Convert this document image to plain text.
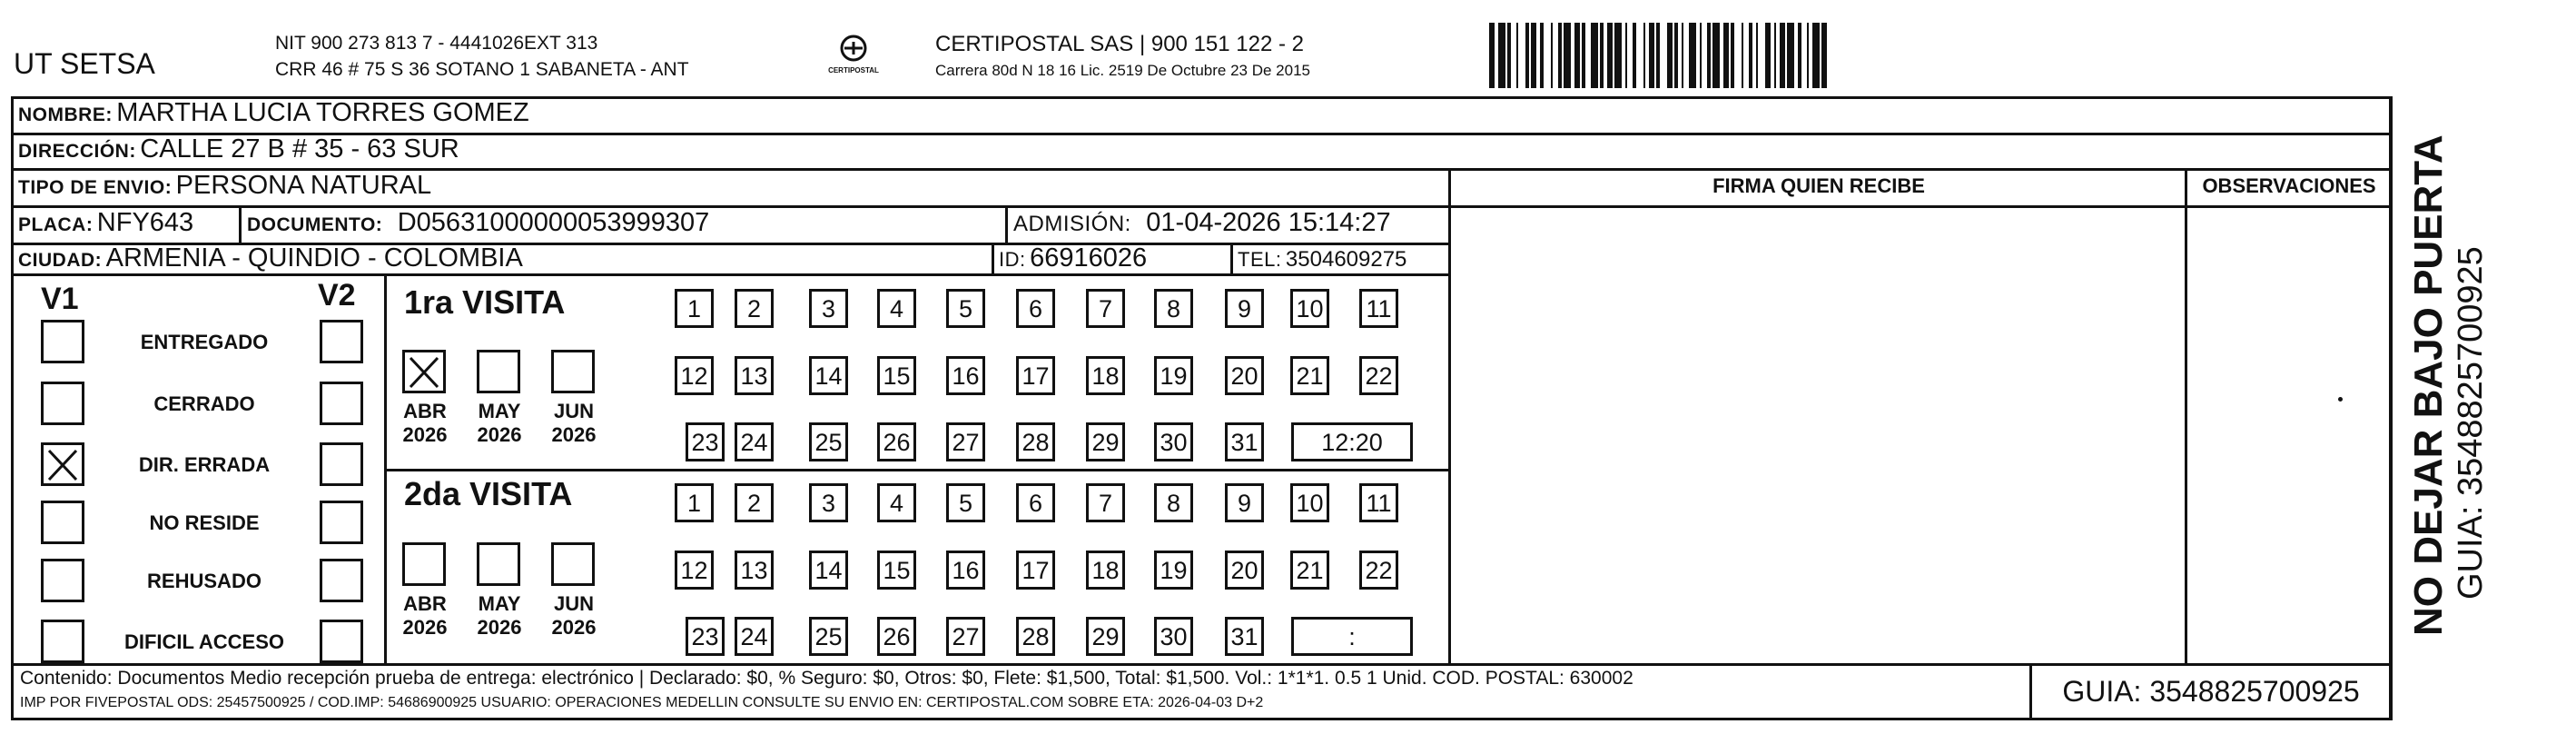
UT SETSA
NIT 900 273 813 7 - 4441026EXT 313
CRR 46 # 75 S 36 SOTANO 1 SABANETA - ANT	CERTIPOSTAL
CERTIPOSTAL SAS | 900 151 122 - 2
Carrera 80d N 18 16 Lic. 2519 De Octubre 23 De 2015
NOMBRE: MARTHA LUCIA TORRES GOMEZ
DIRECCIÓN: CALLE 27 B # 35 - 63 SUR
TIPO DE ENVIO: PERSONA NATURAL	FIRMA QUIEN RECIBE	OBSERVACIONES
PLACA: NFY643	DOCUMENTO: D05631000000053999307	ADMISIÓN: 01-04-2026 15:14:27
CIUDAD: ARMENIA - QUINDIO - COLOMBIA	ID: 66916026	TEL: 3504609275
V1	V2
ENTREGADO
CERRADO
DIR. ERRADA
NO RESIDE
REHUSADO
DIFICIL ACCESO
1ra VISITA
ABR
2026
MAY
2026
JUN
2026
1	2	3	4	5	6	7	8	9	10 11
12 13 14 15 16 17 18 19 20 21 22
23 24 25 26 27 28 29 30 31	12:20
2da VISITA
ABR
2026
MAY
2026
JUN
2026
1	2	3	4	5	6	7	8	9	10 11
12 13 14 15 16 17 18 19 20 21 22
23 24 25 26 27 28 29 30 31	:
Contenido: Documentos Medio recepción prueba de entrega: electrónico | Declarado: $0, % Seguro: $0, Otros: $0, Flete: $1,500, Total: $1,500. Vol.: 1*1*1. 0.5 1 Unid. COD. POSTAL: 630002
IMP POR FIVEPOSTAL ODS: 25457500925 / COD.IMP: 54686900925 USUARIO: OPERACIONES MEDELLIN CONSULTE SU ENVIO EN: CERTIPOSTAL.COM SOBRE ETA: 2026-04-03 D+2	GUIA: 3548825700925
NO DEJAR BAJO PUERTA GUIA: 3548825700925
